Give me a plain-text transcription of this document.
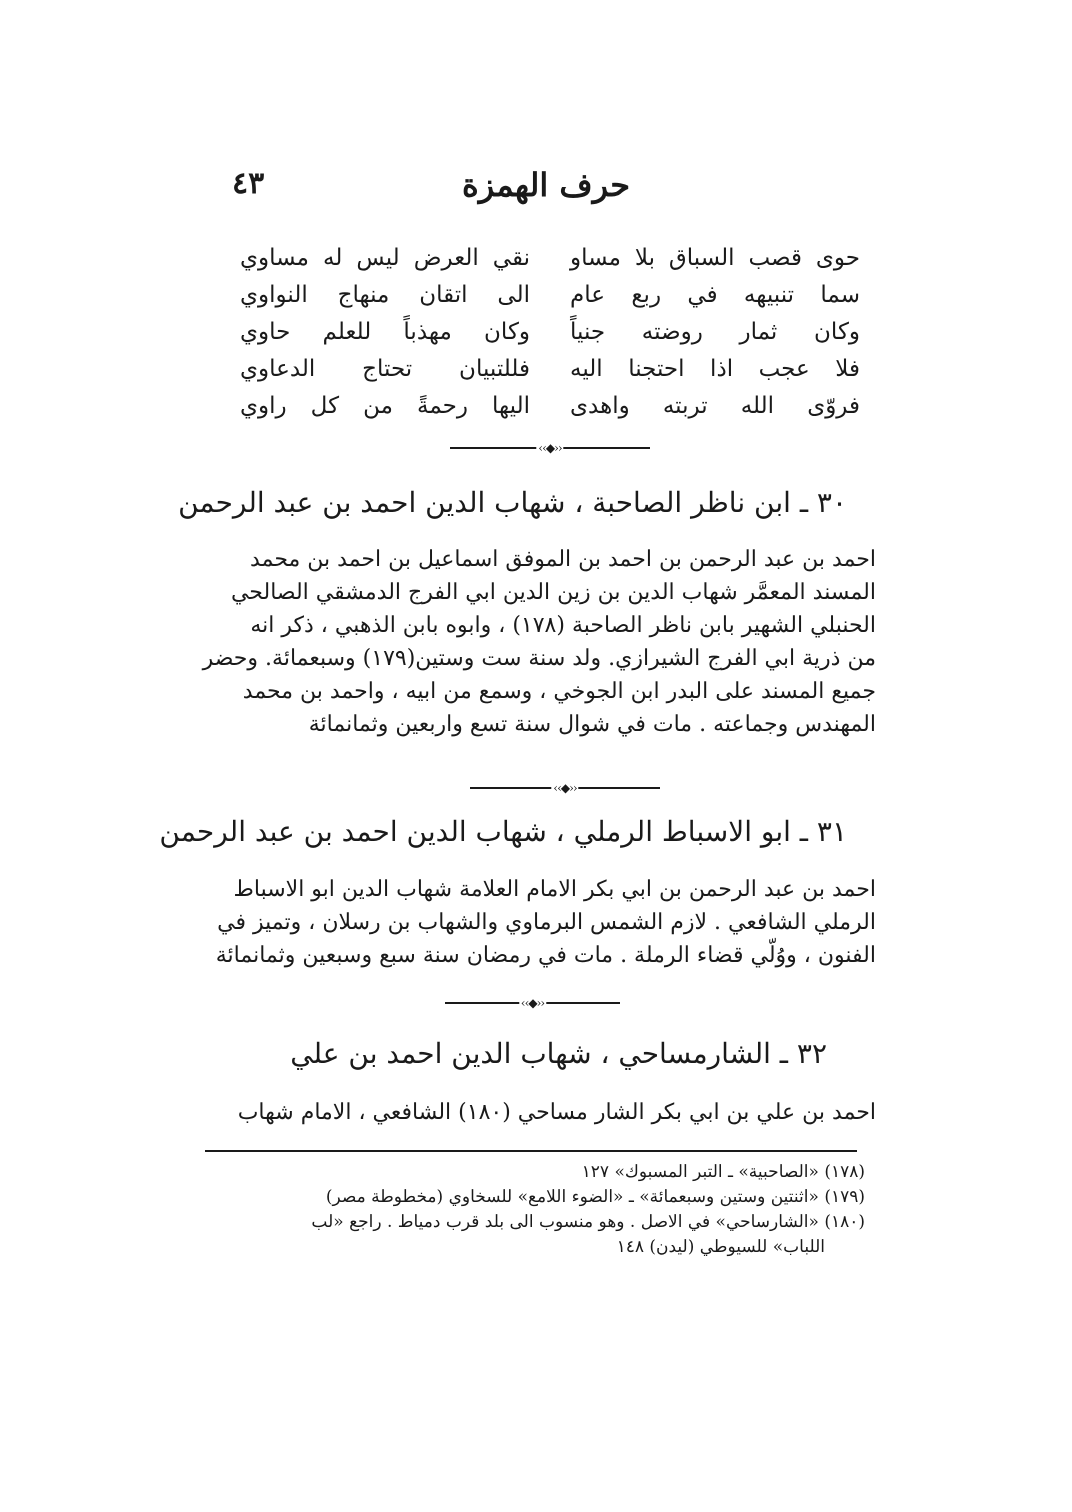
٤٣	حرف الهمزة
حوى قصب السباق بلا مساو
نقي العرض ليس له مساوي
سما تنبيهه في ربع عام
الى اتقان منهاج النواوي
وكان ثمار روضته جنياً
وكان مهذباً للعلم حاوي
فلا عجب اذا احتجنا اليه
فللتبيان تحتاج الدعاوي
فروّى الله تربته واهدى
اليها رحمةً من كل راوي
‹‹◆››
٣٠ ـ ابن ناظر الصاحبة ، شهاب الدين احمد بن عبد الرحمن
احمد بن عبد الرحمن بن احمد بن الموفق اسماعيل بن احمد بن محمد
المسند المعمَّر شهاب الدين بن زين الدين ابي الفرج الدمشقي الصالحي
الحنبلي الشهير بابن ناظر الصاحبة (١٧٨) ، وابوه بابن الذهبي ، ذكر انه
من ذرية ابي الفرج الشيرازي. ولد سنة ست وستين(١٧٩) وسبعمائة. وحضر
جميع المسند على البدر ابن الجوخي ، وسمع من ابيه ، واحمد بن محمد
المهندس وجماعته . مات في شوال سنة تسع واربعين وثمانمائة
‹‹◆››
٣١ ـ ابو الاسباط الرملي ، شهاب الدين احمد بن عبد الرحمن
احمد بن عبد الرحمن بن ابي بكر الامام العلامة شهاب الدين ابو الاسباط
الرملي الشافعي . لازم الشمس البرماوي والشهاب بن رسلان ، وتميز في
الفنون ، ووُلّي قضاء الرملة . مات في رمضان سنة سبع وسبعين وثمانمائة
‹‹◆››
٣٢ ـ الشارمساحي ، شهاب الدين احمد بن علي
احمد بن علي بن ابي بكر الشار مساحي (١٨٠) الشافعي ، الامام شهاب
(١٧٨) «الصاحبية» ـ التبر المسبوك» ١٢٧
(١٧٩) «اثنتين وستين وسبعمائة» ـ «الضوء اللامع» للسخاوي (مخطوطة مصر)
(١٨٠) «الشارساحي» في الاصل . وهو منسوب الى بلد قرب دمياط . راجع «لب
اللباب» للسيوطي (ليدن) ١٤٨
